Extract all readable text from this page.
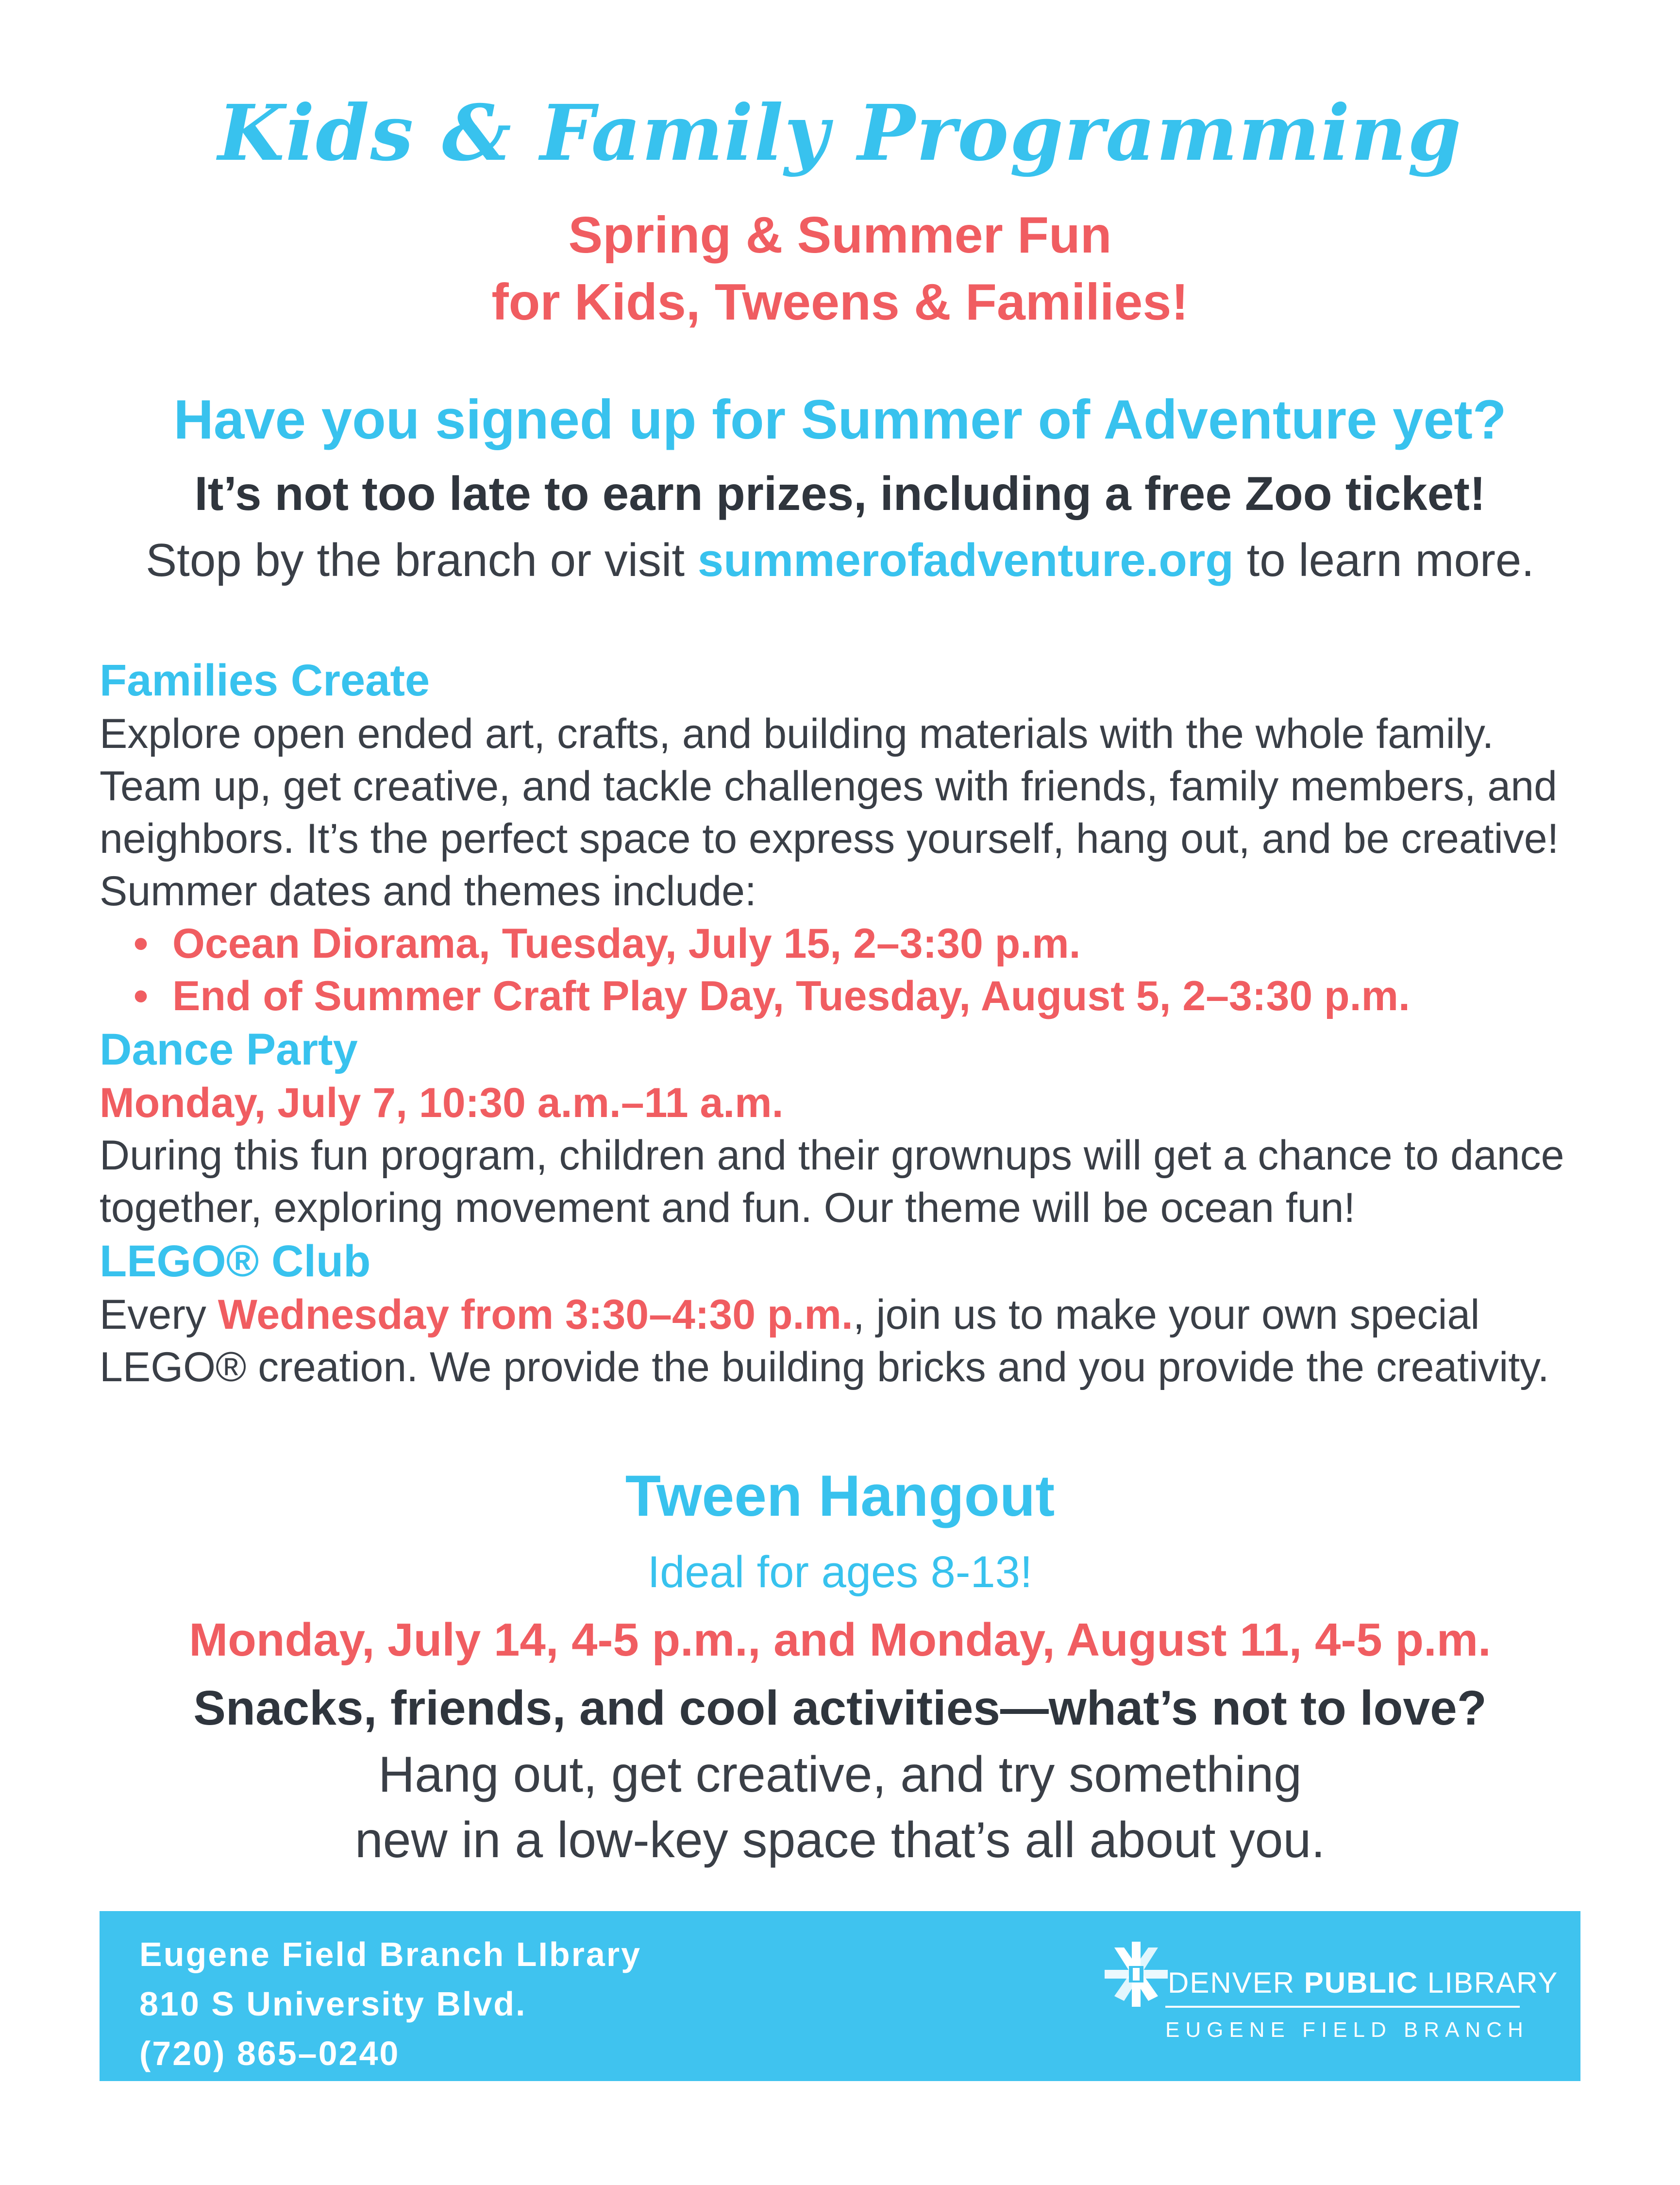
Kids & Family Programming
Spring & Summer Fun
for Kids, Tweens & Families!
Have you signed up for Summer of Adventure yet?
It’s not too late to earn prizes, including a free Zoo ticket!
Stop by the branch or visit summerofadventure.org to learn more.
Families Create
Explore open ended art, crafts, and building materials with the whole family. Team up, get creative, and tackle challenges with friends, family members, and neighbors. It’s the perfect space to express yourself, hang out, and be creative! Summer dates and themes include:
• Ocean Diorama, Tuesday, July 15, 2–3:30 p.m.
• End of Summer Craft Play Day, Tuesday, August 5, 2–3:30 p.m.
Dance Party
Monday, July 7, 10:30 a.m.–11 a.m.
During this fun program, children and their grownups will get a chance to dance together, exploring movement and fun. Our theme will be ocean fun!
LEGO® Club
Every Wednesday from 3:30–4:30 p.m., join us to make your own special LEGO® creation. We provide the building bricks and you provide the creativity.
Tween Hangout
Ideal for ages 8-13!
Monday, July 14, 4-5 p.m., and Monday, August 11, 4-5 p.m.
Snacks, friends, and cool activities—what’s not to love?
Hang out, get creative, and try something new in a low-key space that’s all about you.
Eugene Field Branch LIbrary
810 S University Blvd.
(720) 865–0240
DENVER PUBLIC LIBRARY
EUGENE FIELD BRANCH
